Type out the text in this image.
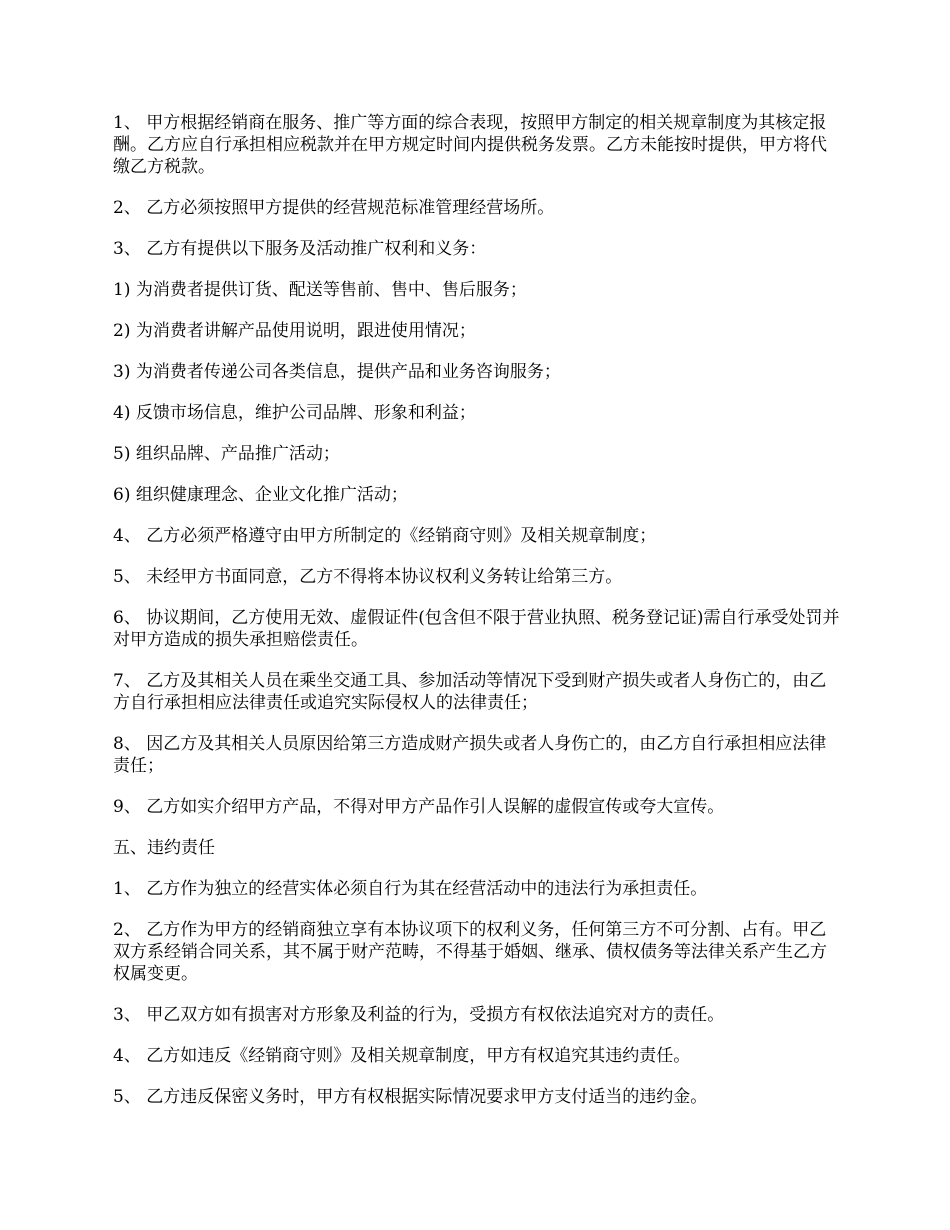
1、 甲方根据经销商在服务、推广等方面的综合表现，按照甲方制定的相关规章制度为其核定报酬。乙方应自行承担相应税款并在甲方规定时间内提供税务发票。乙方未能按时提供，甲方将代缴乙方税款。

2、 乙方必须按照甲方提供的经营规范标准管理经营场所。

3、 乙方有提供以下服务及活动推广权利和义务：

1) 为消费者提供订货、配送等售前、售中、售后服务；

2) 为消费者讲解产品使用说明，跟进使用情况；

3) 为消费者传递公司各类信息，提供产品和业务咨询服务；

4) 反馈市场信息，维护公司品牌、形象和利益；

5) 组织品牌、产品推广活动；

6) 组织健康理念、企业文化推广活动；

4、 乙方必须严格遵守由甲方所制定的《经销商守则》及相关规章制度；

5、 未经甲方书面同意，乙方不得将本协议权利义务转让给第三方。

6、 协议期间，乙方使用无效、虚假证件(包含但不限于营业执照、税务登记证)需自行承受处罚并对甲方造成的损失承担赔偿责任。

7、 乙方及其相关人员在乘坐交通工具、参加活动等情况下受到财产损失或者人身伤亡的，由乙方自行承担相应法律责任或追究实际侵权人的法律责任；

8、 因乙方及其相关人员原因给第三方造成财产损失或者人身伤亡的，由乙方自行承担相应法律责任；

9、 乙方如实介绍甲方产品，不得对甲方产品作引人误解的虚假宣传或夸大宣传。

五、违约责任

1、 乙方作为独立的经营实体必须自行为其在经营活动中的违法行为承担责任。

2、 乙方作为甲方的经销商独立享有本协议项下的权利义务，任何第三方不可分割、占有。甲乙双方系经销合同关系，其不属于财产范畴，不得基于婚姻、继承、债权债务等法律关系产生乙方权属变更。

3、 甲乙双方如有损害对方形象及利益的行为，受损方有权依法追究对方的责任。

4、 乙方如违反《经销商守则》及相关规章制度，甲方有权追究其违约责任。

5、 乙方违反保密义务时，甲方有权根据实际情况要求甲方支付适当的违约金。
